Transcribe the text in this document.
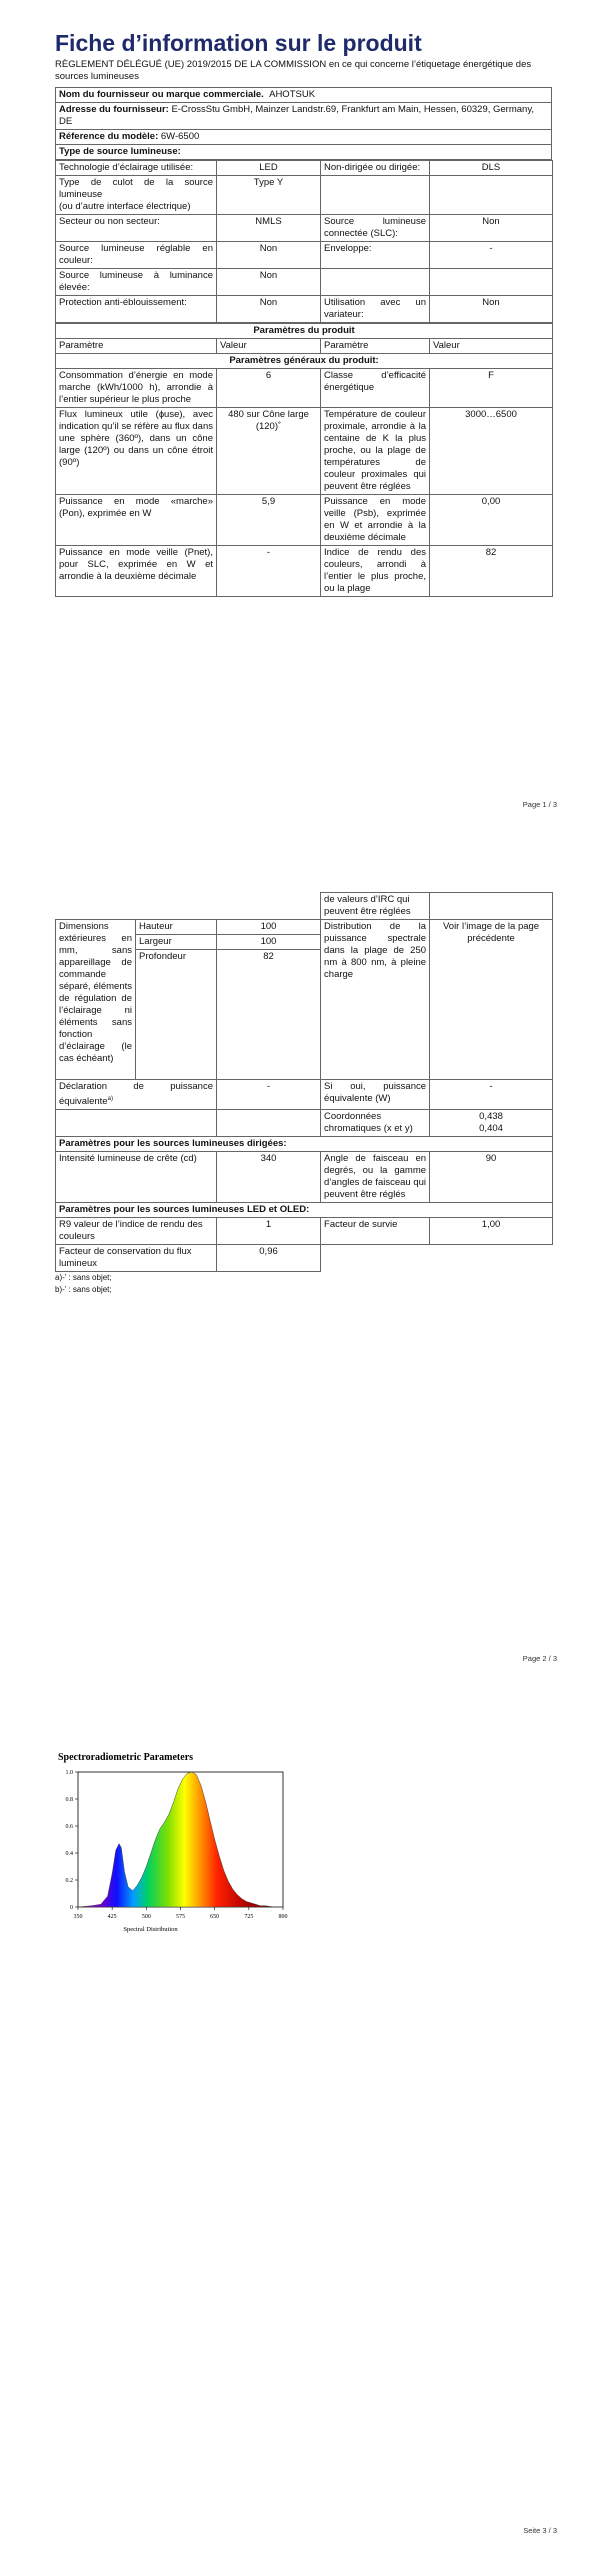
Fiche d’information sur le produit
RÈGLEMENT DÉLÉGUÉ (UE) 2019/2015 DE LA COMMISSION en ce qui concerne l’étiquetage énergétique des sources lumineuses
Nom du fournisseur ou marque commerciale. AHOTSUK
Adresse du fournisseur: E-CrossStu GmbH, Mainzer Landstr.69, Frankfurt am Main, Hessen, 60329, Germany, DE
Réference du modèle: 6W-6500
Type de source lumineuse:
Technologie d’éclairage utilisée:	LED	Non-dirigée ou dirigée:	DLS

Type de culot de la source lumineuse
(ou d’autre interface électrique)	Type Y		
Secteur ou non secteur:	NMLS	Source lumineuse connectée (SLC):	Non
Source lumineuse réglable en couleur:	Non	Enveloppe:	-
Source lumineuse à luminance élevée:	Non		
Protection anti-éblouissement:	Non	Utilisation avec un variateur:	Non
Paramètres du produit			
Paramètre	Valeur	Paramètre	Valeur
Paramètres généraux du produit:			
Consommation d’énergie en mode marche (kWh/1000 h), arrondie à l’entier supérieur le plus proche	6	Classe d’efficacité énergétique	F
Flux lumineux utile (ɸuse), avec indication qu’il se réfère au flux dans une sphère (360º), dans un cône large (120º) ou dans un cône étroit (90º)	480 sur Cône large (120)˚	Température de couleur proximale, arrondie à la centaine de K la plus proche, ou la plage de températures de couleur proximales qui peuvent être réglées	3000…6500
Puissance en mode «marche» (Pon), exprimée en W	5,9	Puissance en mode veille (Psb), exprimée en W et arrondie à la deuxième décimale	0,00
Puissance en mode veille (Pnet), pour SLC, exprimée en W et arrondie à la deuxième décimale	-	Indice de rendu des couleurs, arrondi à l’entier le plus proche, ou la plage	82
Page 1 / 3
			de valeurs d’IRC qui peuvent être réglées	
Dimensions extérieures en mm, sans appareillage de commande séparé, éléments de régulation de l’éclairage ni éléments sans fonction d’éclairage (le cas échéant)	Hauteur	100	Distribution de la puissance spectrale dans la plage de 250 nm à 800 nm, à pleine charge	Voir l’image de la page précédente
	Largeur	100		
	Profondeur	82		
Déclaration de puissance équivalente$^{a)}$		-	Si oui, puissance équivalente (W)	-
			Coordonnées chromatiques (x et y)	0,438
0,404

Paramètres pour les sources lumineuses dirigées:				
Intensité lumineuse de crête (cd)		340	Angle de faisceau en degrés, ou la gamme d’angles de faisceau qui peuvent être réglés	90
Paramètres pour les sources lumineuses LED et OLED:				
R9 valeur de l’indice de rendu des couleurs		1	Facteur de survie	1,00
Facteur de conservation du flux lumineux		0,96		
a)-’ : sans objet;
b)-’ : sans objet;
Page 2 / 3
Spectroradiometric Parameters
350	425	500	575	650	725	800
0
0.2
0.4
0.6
0.8
1.0
Spectral Distribution
Seite 3 / 3
